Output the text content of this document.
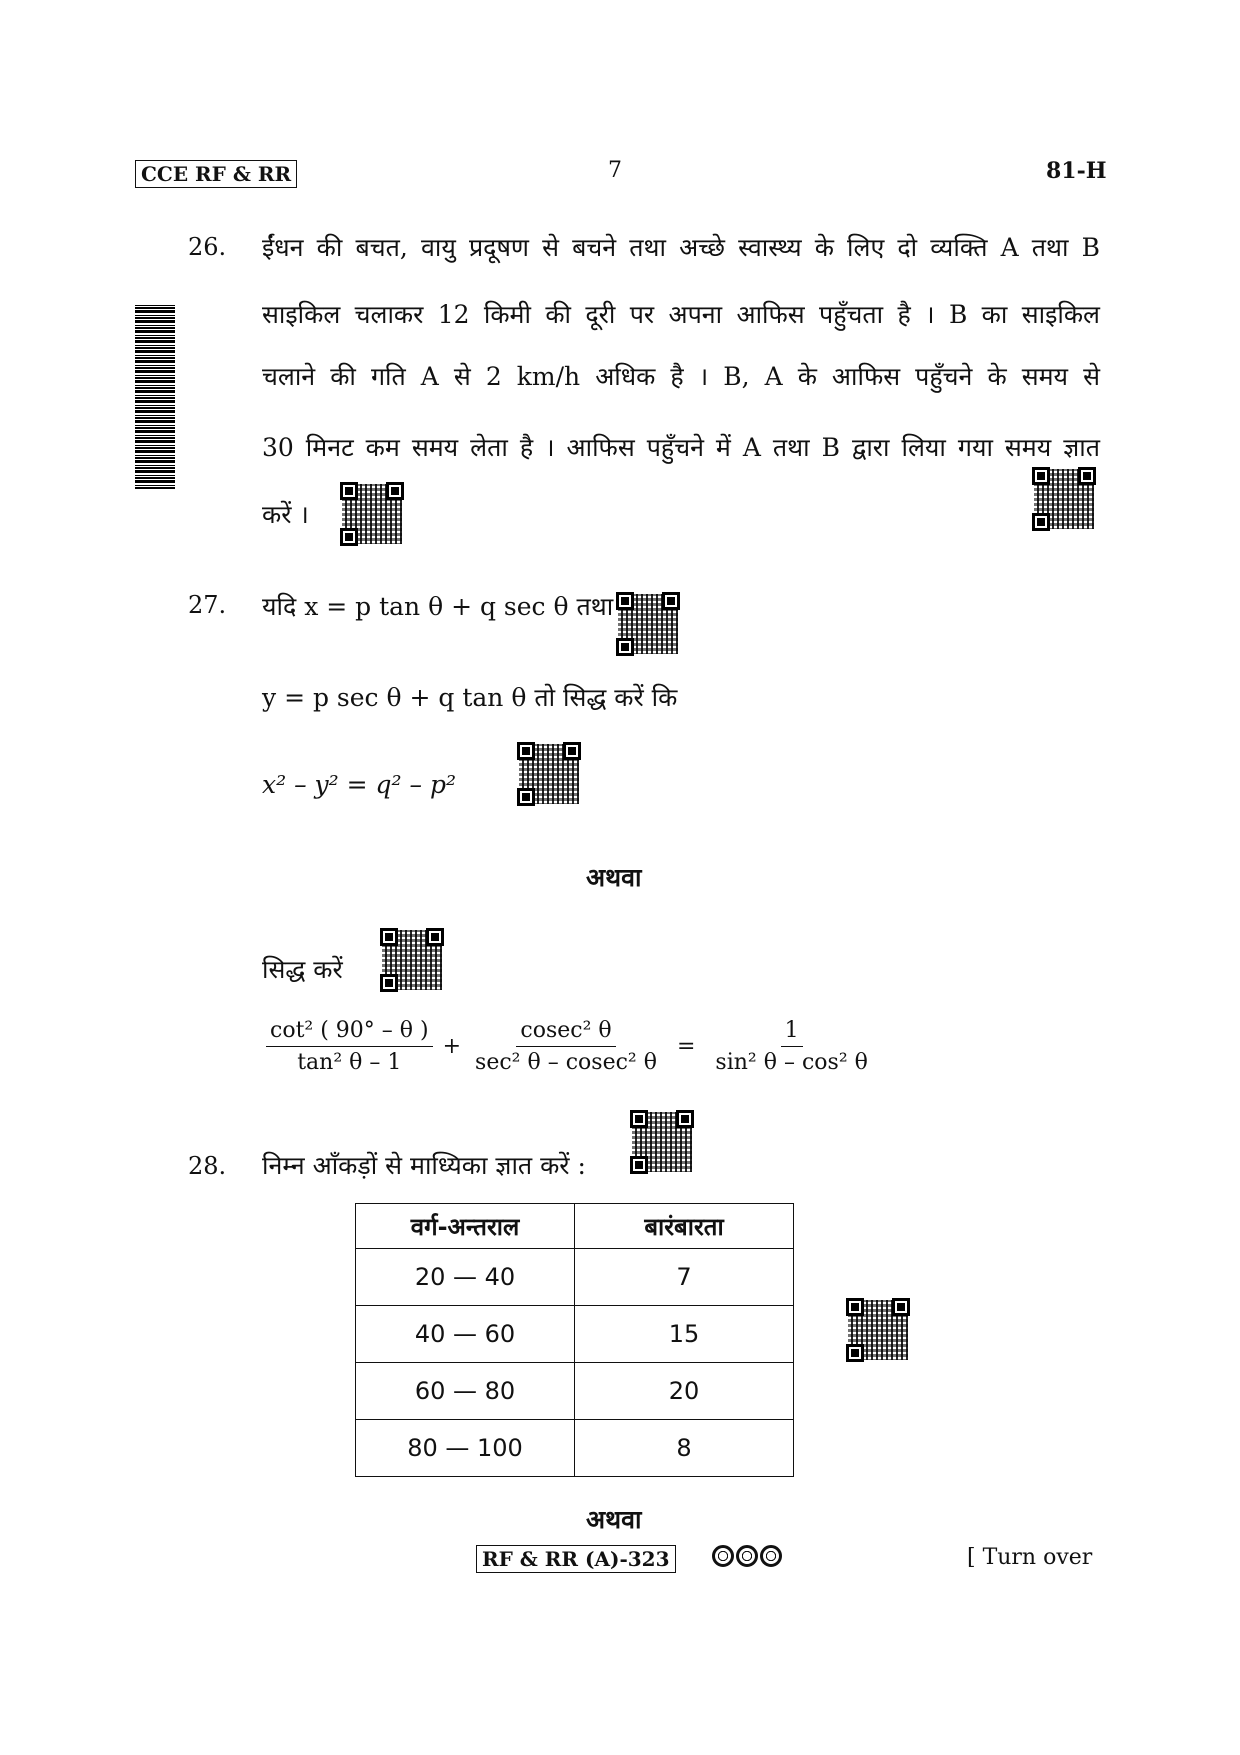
CCE RF & RR	7	81-H
26. ईंधन की बचत, वायु प्रदूषण से बचने तथा अच्छे स्वास्थ्य के लिए दो व्यक्ति A तथा B
साइकिल चलाकर 12 किमी की दूरी पर अपना आफिस पहुँचता है । B का साइकिल
चलाने की गति A से 2 km/h अधिक है । B, A के आफिस पहुँचने के समय से
30 मिनट कम समय लेता है । आफिस पहुँचने में A तथा B द्वारा लिया गया समय ज्ञात
करें ।
27. यदि x = p tan θ + q sec θ तथा
y = p sec θ + q tan θ तो सिद्ध करें कि
x² – y² = q² – p²
अथवा
सिद्ध करें
$\frac{\text{cot² ( 90° – θ )}}{\text{tan² θ – 1}} + \frac{\text{cosec² θ}}{\text{sec² θ – cosec² θ}} = \frac{1}{\text{sin² θ – cos² θ}}$
28. निम्न आँकड़ों से माध्यिका ज्ञात करें :
वर्ग-अन्तराल	बारंबारता
20 — 40	7
40 — 60	15
60 — 80	20
80 — 100	8
अथवा
RF & RR (A)-323	[ Turn over
